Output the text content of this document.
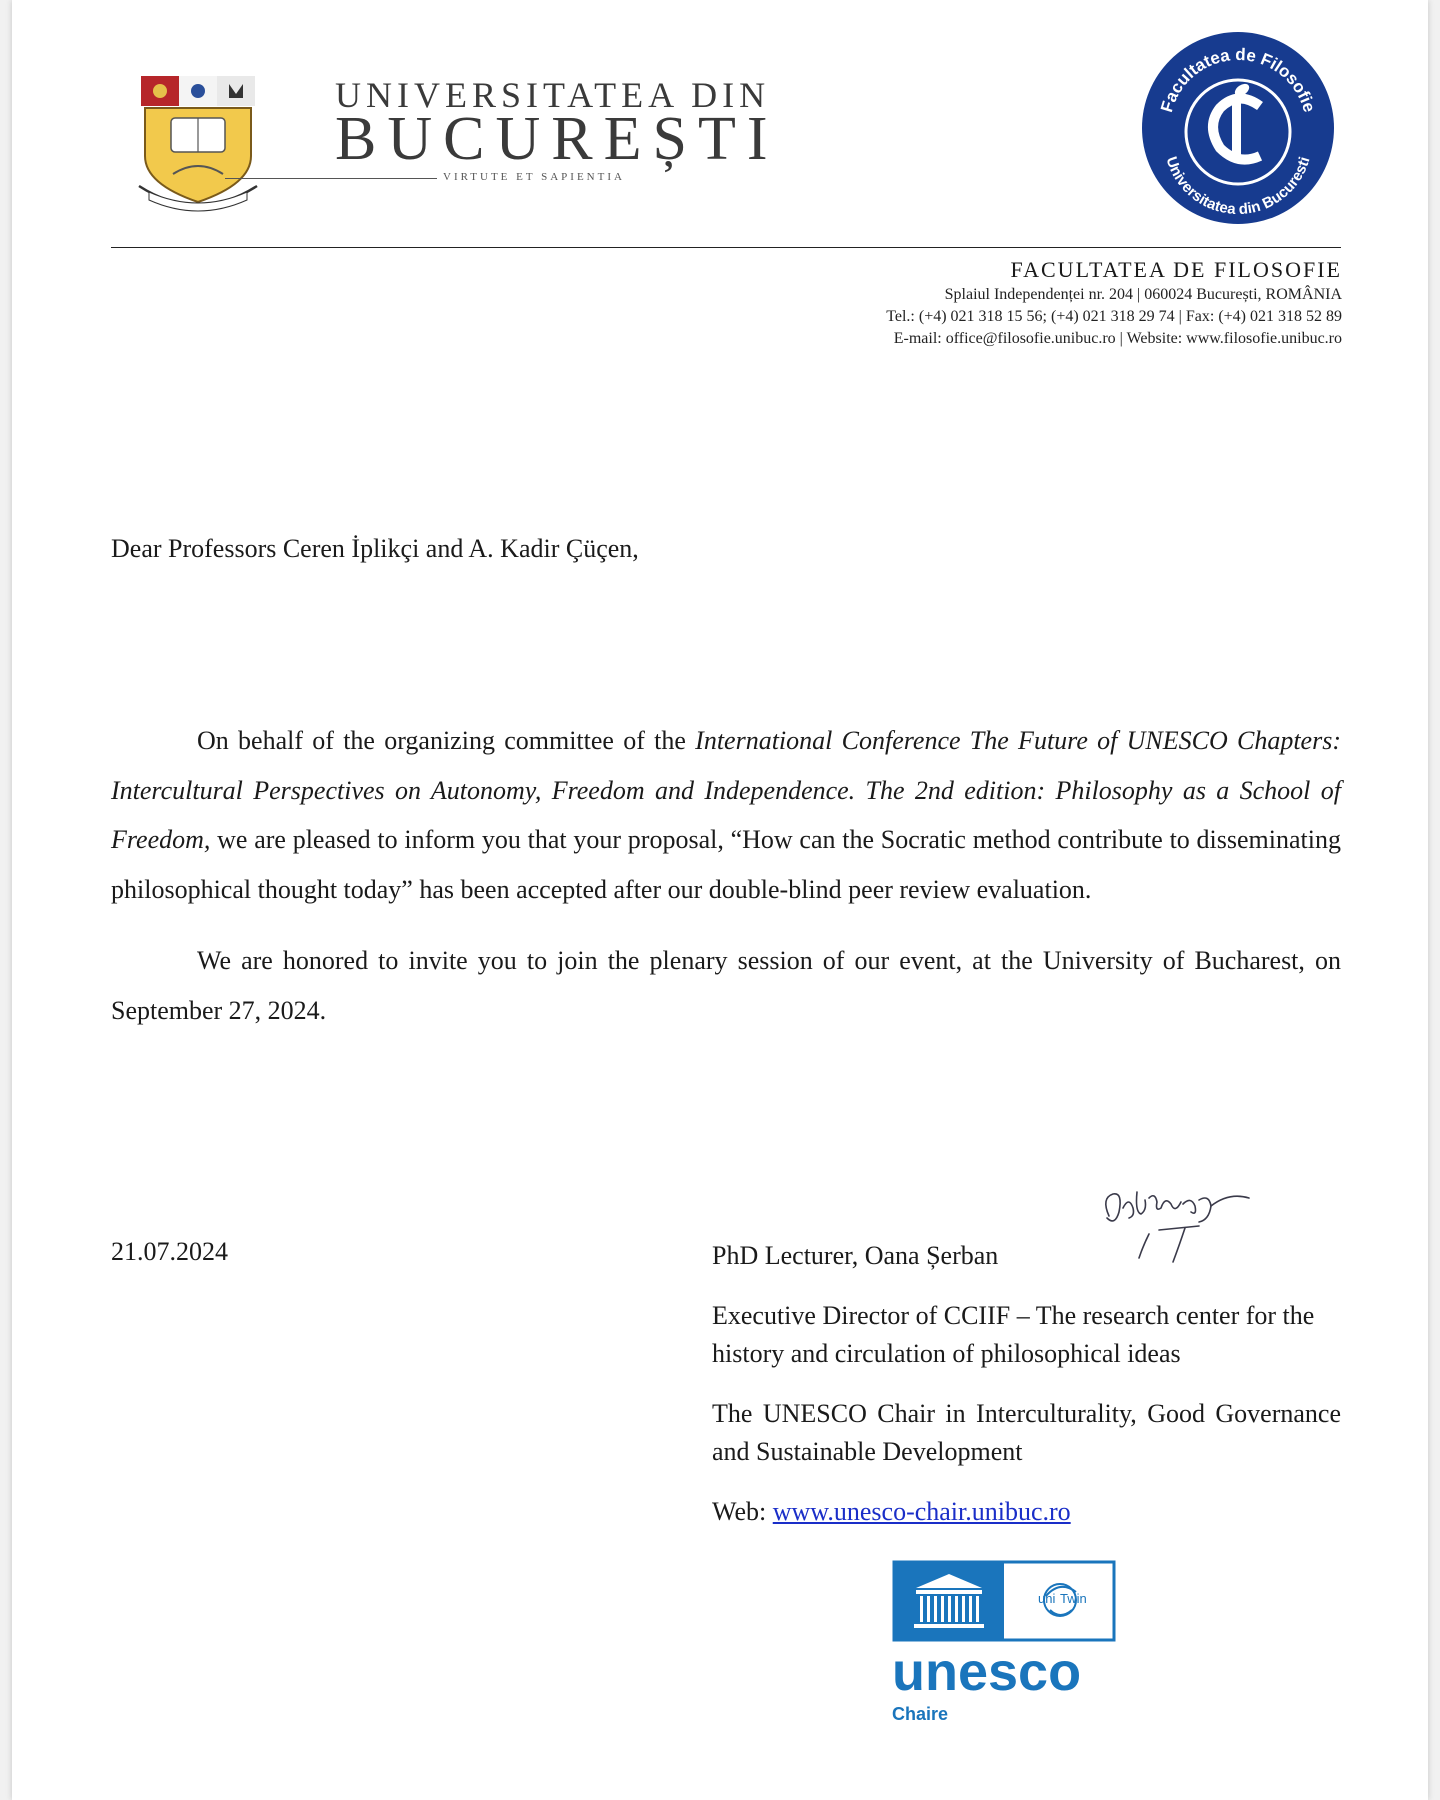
UNIVERSITATEA DIN
BUCUREȘTI
VIRTUTE ET SAPIENTIA
Facultatea de Filosofie
Universitatea din Bucuresti
FACULTATEA DE FILOSOFIE
Splaiul Independenței nr. 204 | 060024 București, ROMÂNIA
Tel.: (+4) 021 318 15 56; (+4) 021 318 29 74 | Fax: (+4) 021 318 52 89
E-mail: office@filosofie.unibuc.ro | Website: www.filosofie.unibuc.ro
Dear Professors Ceren İplikçi and A. Kadir Çüçen,

On behalf of the organizing committee of the International Conference The Future of UNESCO Chapters: Intercultural Perspectives on Autonomy, Freedom and Independence. The 2nd edition: Philosophy as a School of Freedom, we are pleased to inform you that your proposal, “How can the Socratic method contribute to disseminating philosophical thought today” has been accepted after our double-blind peer review evaluation.

We are honored to invite you to join the plenary session of our event, at the University of Bucharest, on September 27, 2024.

21.07.2024	PhD Lecturer, Oana Șerban
Executive Director of CCIIF – The research center for the history and circulation of philosophical ideas
The UNESCO Chair in Interculturality, Good Governance and Sustainable Development
Web: www.unesco-chair.unibuc.ro
uni Twin
unesco
Chaire
